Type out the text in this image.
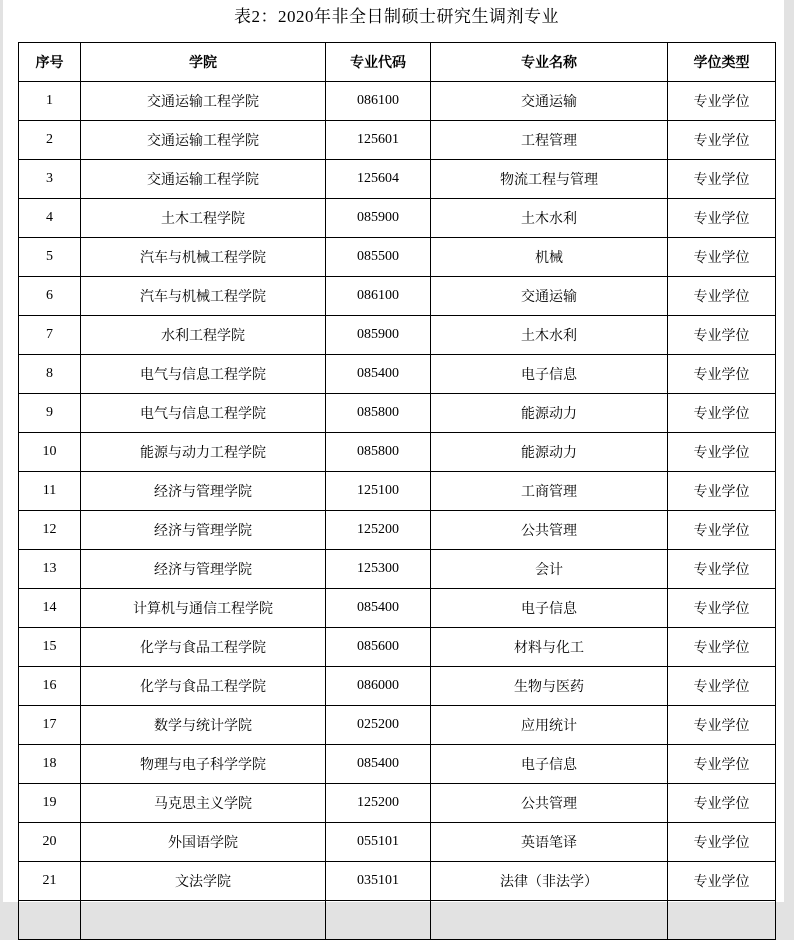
表2：2020年非全日制硕士研究生调剂专业
序号	学院	专业代码	专业名称	学位类型
1	交通运输工程学院	086100	交通运输	专业学位
2	交通运输工程学院	125601	工程管理	专业学位
3	交通运输工程学院	125604	物流工程与管理	专业学位
4	土木工程学院	085900	土木水利	专业学位
5	汽车与机械工程学院	085500	机械	专业学位
6	汽车与机械工程学院	086100	交通运输	专业学位
7	水利工程学院	085900	土木水利	专业学位
8	电气与信息工程学院	085400	电子信息	专业学位
9	电气与信息工程学院	085800	能源动力	专业学位
10	能源与动力工程学院	085800	能源动力	专业学位
11	经济与管理学院	125100	工商管理	专业学位
12	经济与管理学院	125200	公共管理	专业学位
13	经济与管理学院	125300	会计	专业学位
14	计算机与通信工程学院	085400	电子信息	专业学位
15	化学与食品工程学院	085600	材料与化工	专业学位
16	化学与食品工程学院	086000	生物与医药	专业学位
17	数学与统计学院	025200	应用统计	专业学位
18	物理与电子科学学院	085400	电子信息	专业学位
19	马克思主义学院	125200	公共管理	专业学位
20	外国语学院	055101	英语笔译	专业学位
21	文法学院	035101	法律（非法学）	专业学位
